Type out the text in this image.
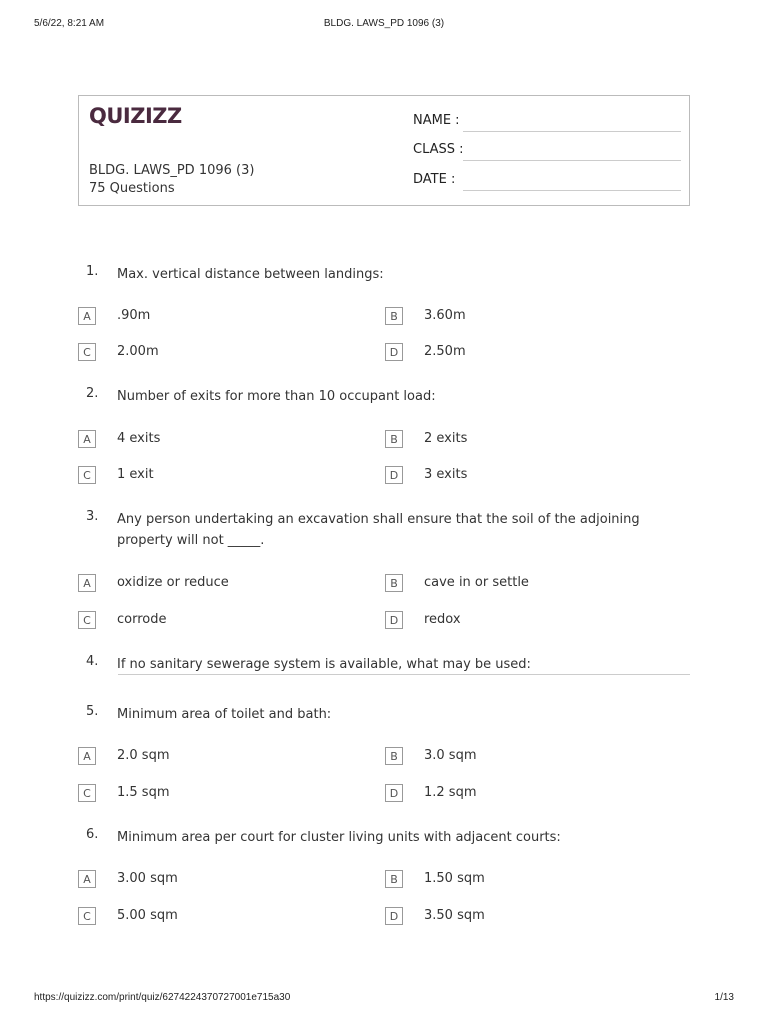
5/6/22, 8:21 AM	BLDG. LAWS_PD 1096 (3)
https://quizizz.com/print/quiz/6274224370727001e715a30	1/13
QUIZIZZ
BLDG. LAWS_PD 1096 (3)
75 Questions
NAME :
CLASS :
DATE :
1.	Max. vertical distance between landings:
A	.90m	B	3.60m
C	2.00m	D	2.50m
2.	Number of exits for more than 10 occupant load:
A	4 exits	B	2 exits
C	1 exit	D	3 exits
3.	Any person undertaking an excavation shall ensure that the soil of the adjoining property will not _____.
A	oxidize or reduce	B	cave in or settle
C	corrode	D	redox
4.	If no sanitary sewerage system is available, what may be used:
5.	Minimum area of toilet and bath:
A	2.0 sqm	B	3.0 sqm
C	1.5 sqm	D	1.2 sqm
6.	Minimum area per court for cluster living units with adjacent courts:
A	3.00 sqm	B	1.50 sqm
C	5.00 sqm	D	3.50 sqm
